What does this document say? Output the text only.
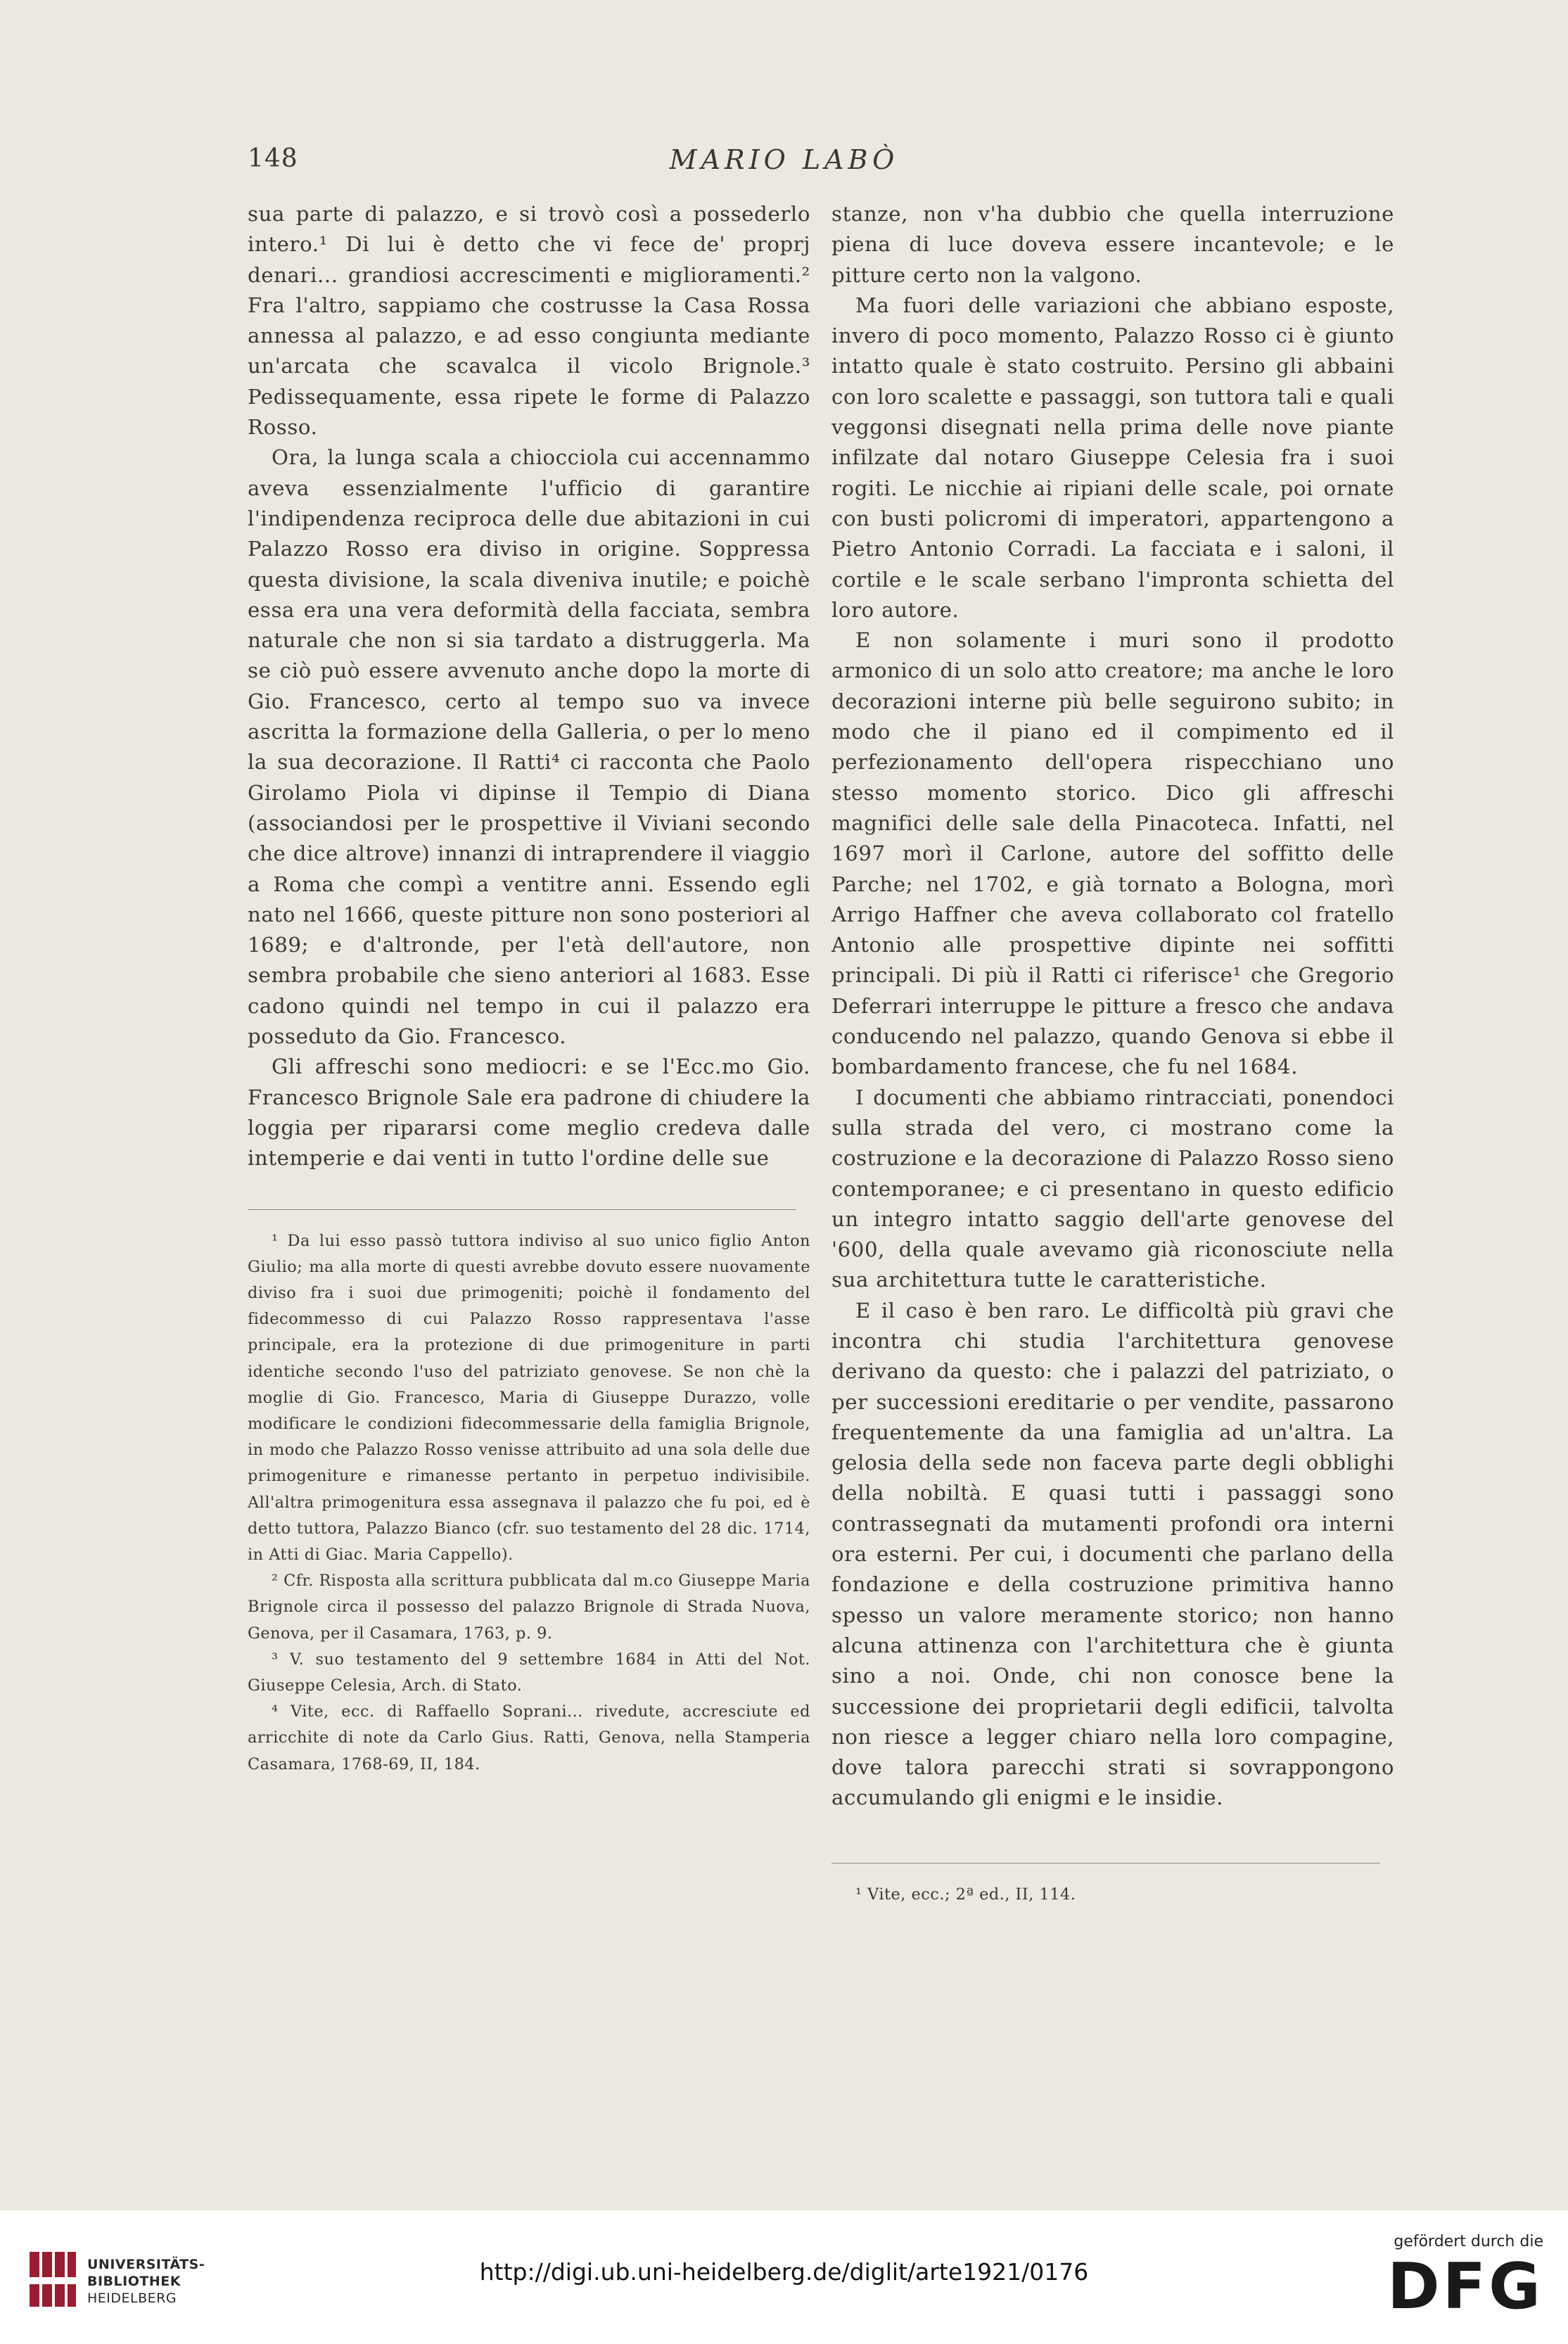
148	MARIO LABÒ

sua parte di palazzo, e si trovò così a possederlo intero.¹ Di lui è detto che vi fece de' proprj denari... grandiosi accrescimenti e miglioramenti.² Fra l'altro, sappiamo che costrusse la Casa Rossa annessa al palazzo, e ad esso congiunta mediante un'arcata che scavalca il vicolo Brignole.³ Pedissequamente, essa ripete le forme di Palazzo Rosso.

Ora, la lunga scala a chiocciola cui accennammo aveva essenzialmente l'ufficio di garantire l'indipendenza reciproca delle due abitazioni in cui Palazzo Rosso era diviso in origine. Soppressa questa divisione, la scala diveniva inutile; e poichè essa era una vera deformità della facciata, sembra naturale che non si sia tardato a distruggerla. Ma se ciò può essere avvenuto anche dopo la morte di Gio. Francesco, certo al tempo suo va invece ascritta la formazione della Galleria, o per lo meno la sua decorazione. Il Ratti⁴ ci racconta che Paolo Girolamo Piola vi dipinse il Tempio di Diana (associandosi per le prospettive il Viviani secondo che dice altrove) innanzi di intraprendere il viaggio a Roma che compì a ventitre anni. Essendo egli nato nel 1666, queste pitture non sono posteriori al 1689; e d'altronde, per l'età dell'autore, non sembra probabile che sieno anteriori al 1683. Esse cadono quindi nel tempo in cui il palazzo era posseduto da Gio. Francesco.

Gli affreschi sono mediocri: e se l'Ecc.mo Gio. Francesco Brignole Sale era padrone di chiudere la loggia per ripararsi come meglio credeva dalle intemperie e dai venti in tutto l'ordine delle sue

¹ Da lui esso passò tuttora indiviso al suo unico figlio Anton Giulio; ma alla morte di questi avrebbe dovuto essere nuovamente diviso fra i suoi due primogeniti; poichè il fondamento del fidecommesso di cui Palazzo Rosso rappresentava l'asse principale, era la protezione di due primogeniture in parti identiche secondo l'uso del patriziato genovese. Se non chè la moglie di Gio. Francesco, Maria di Giuseppe Durazzo, volle modificare le condizioni fidecommessarie della famiglia Brignole, in modo che Palazzo Rosso venisse attribuito ad una sola delle due primogeniture e rimanesse pertanto in perpetuo indivisibile. All'altra primogenitura essa assegnava il palazzo che fu poi, ed è detto tuttora, Palazzo Bianco (cfr. suo testamento del 28 dic. 1714, in Atti di Giac. Maria Cappello).

² Cfr. Risposta alla scrittura pubblicata dal m.co Giuseppe Maria Brignole circa il possesso del palazzo Brignole di Strada Nuova, Genova, per il Casamara, 1763, p. 9.

³ V. suo testamento del 9 settembre 1684 in Atti del Not. Giuseppe Celesia, Arch. di Stato.

⁴ Vite, ecc. di Raffaello Soprani... rivedute, accresciute ed arricchite di note da Carlo Gius. Ratti, Genova, nella Stamperia Casamara, 1768-69, II, 184.

stanze, non v'ha dubbio che quella interruzione piena di luce doveva essere incantevole; e le pitture certo non la valgono.

Ma fuori delle variazioni che abbiano esposte, invero di poco momento, Palazzo Rosso ci è giunto intatto quale è stato costruito. Persino gli abbaini con loro scalette e passaggi, son tuttora tali e quali veggonsi disegnati nella prima delle nove piante infilzate dal notaro Giuseppe Celesia fra i suoi rogiti. Le nicchie ai ripiani delle scale, poi ornate con busti policromi di imperatori, appartengono a Pietro Antonio Corradi. La facciata e i saloni, il cortile e le scale serbano l'impronta schietta del loro autore.

E non solamente i muri sono il prodotto armonico di un solo atto creatore; ma anche le loro decorazioni interne più belle seguirono subito; in modo che il piano ed il compimento ed il perfezionamento dell'opera rispecchiano uno stesso momento storico. Dico gli affreschi magnifici delle sale della Pinacoteca. Infatti, nel 1697 morì il Carlone, autore del soffitto delle Parche; nel 1702, e già tornato a Bologna, morì Arrigo Haffner che aveva collaborato col fratello Antonio alle prospettive dipinte nei soffitti principali. Di più il Ratti ci riferisce¹ che Gregorio Deferrari interruppe le pitture a fresco che andava conducendo nel palazzo, quando Genova si ebbe il bombardamento francese, che fu nel 1684.

I documenti che abbiamo rintracciati, ponendoci sulla strada del vero, ci mostrano come la costruzione e la decorazione di Palazzo Rosso sieno contemporanee; e ci presentano in questo edificio un integro intatto saggio dell'arte genovese del '600, della quale avevamo già riconosciute nella sua architettura tutte le caratteristiche.

E il caso è ben raro. Le difficoltà più gravi che incontra chi studia l'architettura genovese derivano da questo: che i palazzi del patriziato, o per successioni ereditarie o per vendite, passarono frequentemente da una famiglia ad un'altra. La gelosia della sede non faceva parte degli obblighi della nobiltà. E quasi tutti i passaggi sono contrassegnati da mutamenti profondi ora interni ora esterni. Per cui, i documenti che parlano della fondazione e della costruzione primitiva hanno spesso un valore meramente storico; non hanno alcuna attinenza con l'architettura che è giunta sino a noi. Onde, chi non conosce bene la successione dei proprietarii degli edificii, talvolta non riesce a legger chiaro nella loro compagine, dove talora parecchi strati si sovrappongono accumulando gli enigmi e le insidie.

¹ Vite, ecc.; 2ª ed., II, 114.

UNIVERSITÄTS-
BIBLIOTHEK
HEIDELBERG
http://digi.ub.uni-heidelberg.de/diglit/arte1921/0176
gefördert durch die
DFG
